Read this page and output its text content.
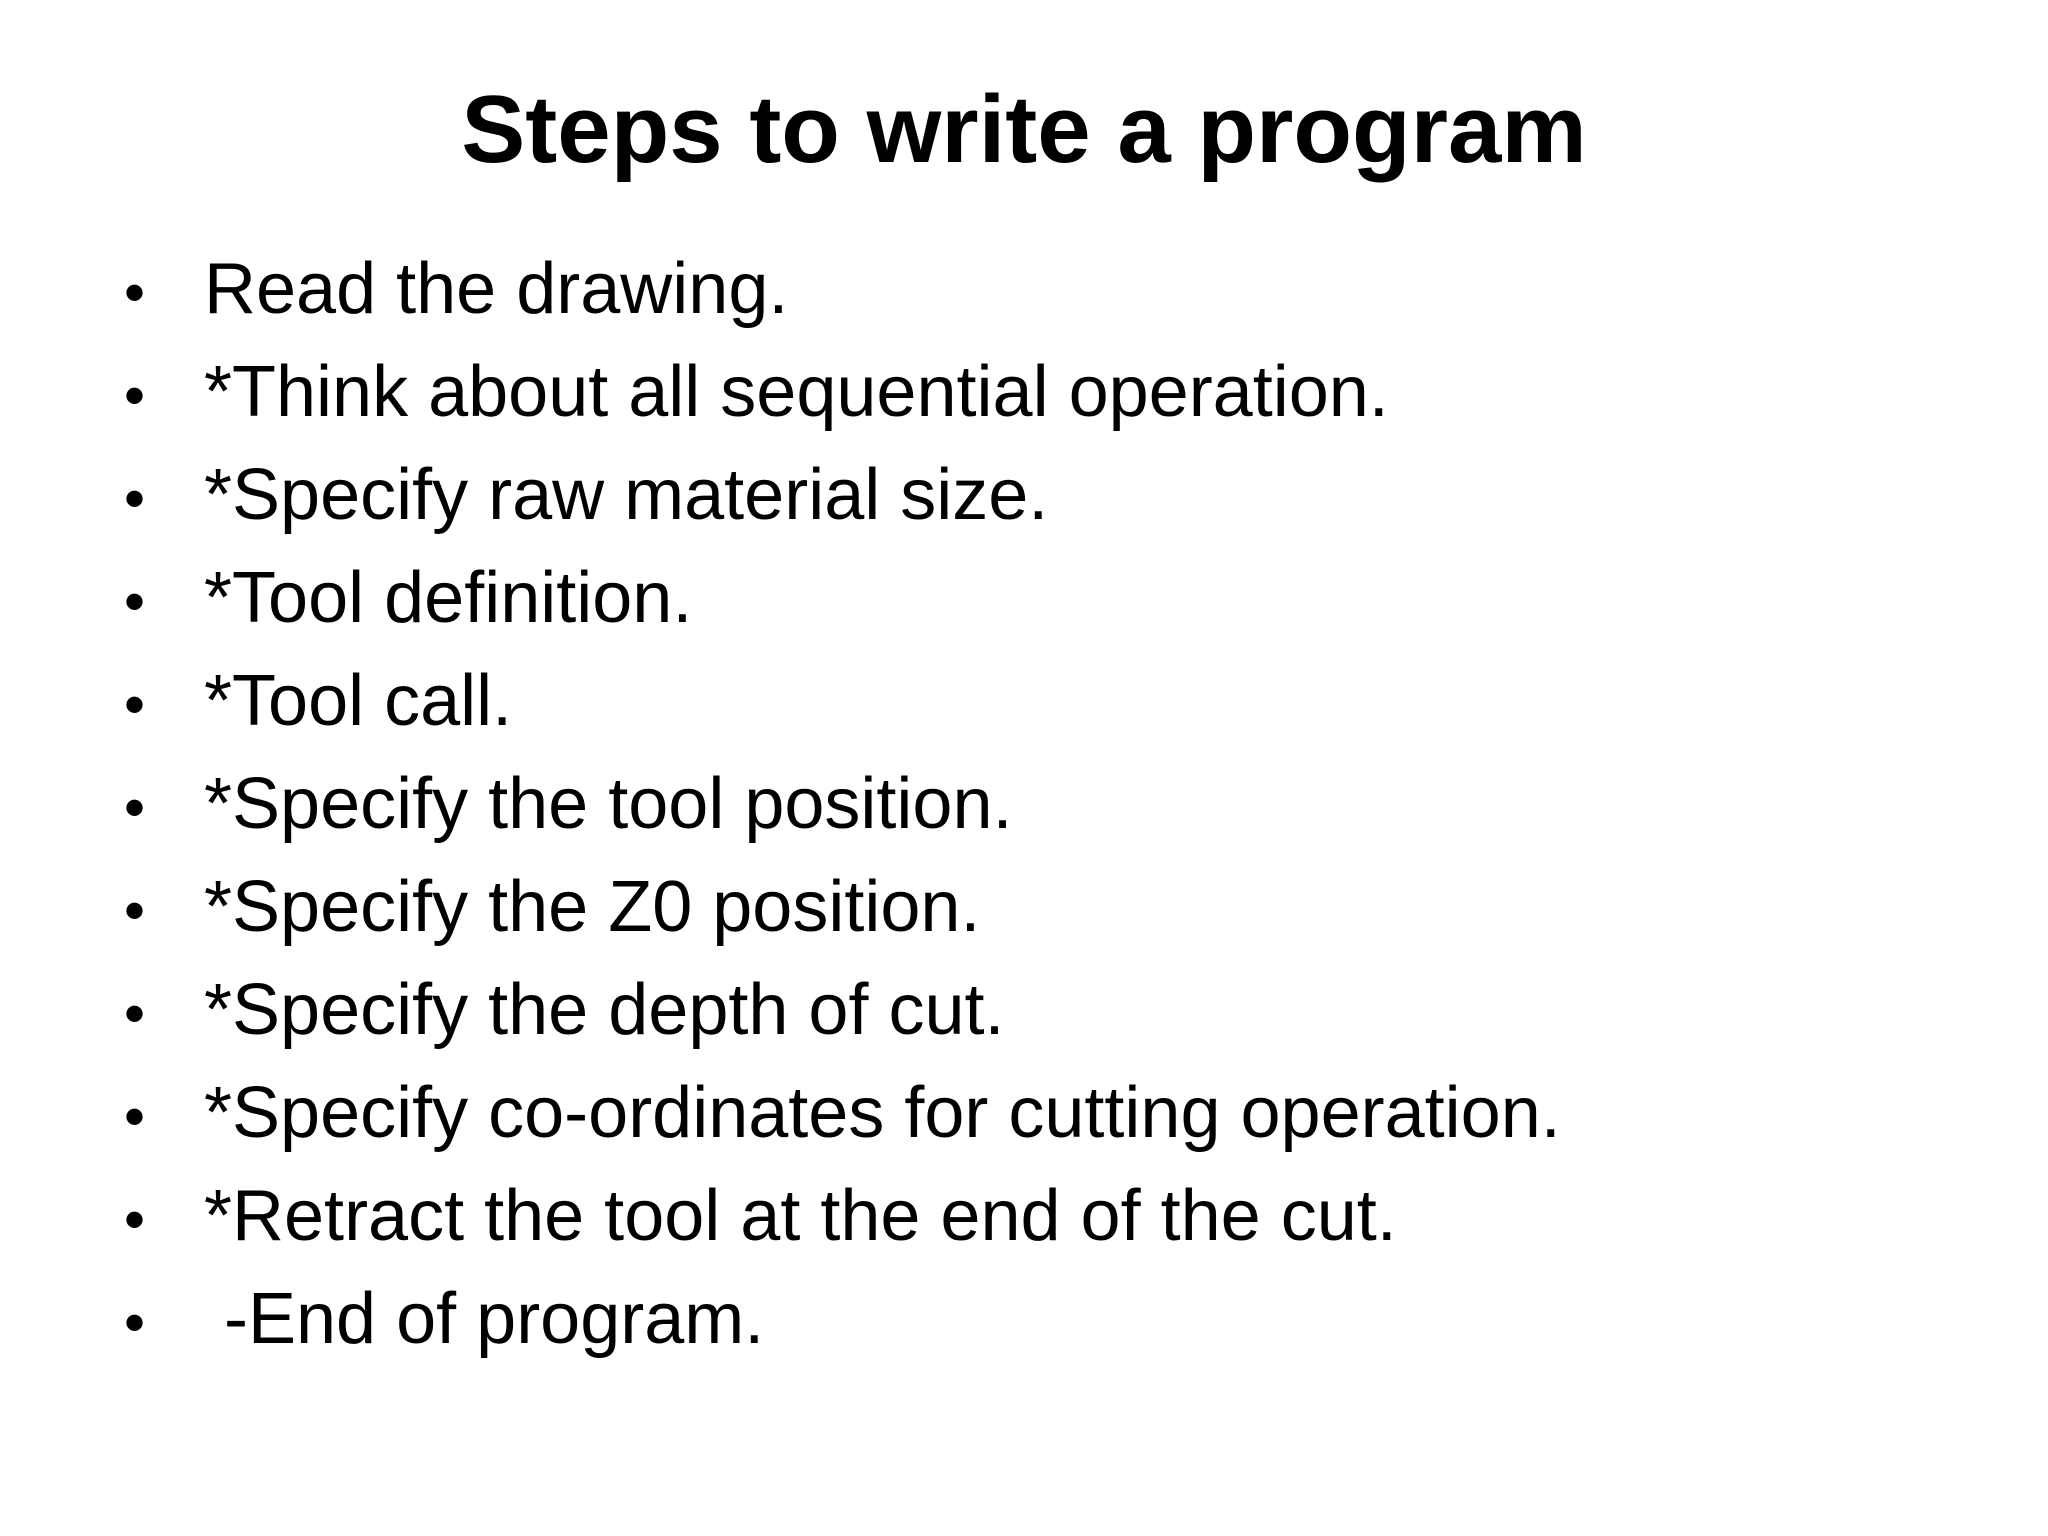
Steps to write a program
• Read the drawing.
• *Think about all sequential operation.
• *Specify raw material size.
• *Tool definition.
• *Tool call.
• *Specify the tool position.
• *Specify the Z0 position.
• *Specify the depth of cut.
• *Specify co-ordinates for cutting operation.
• *Retract the tool at the end of the cut.
• -End of program.
